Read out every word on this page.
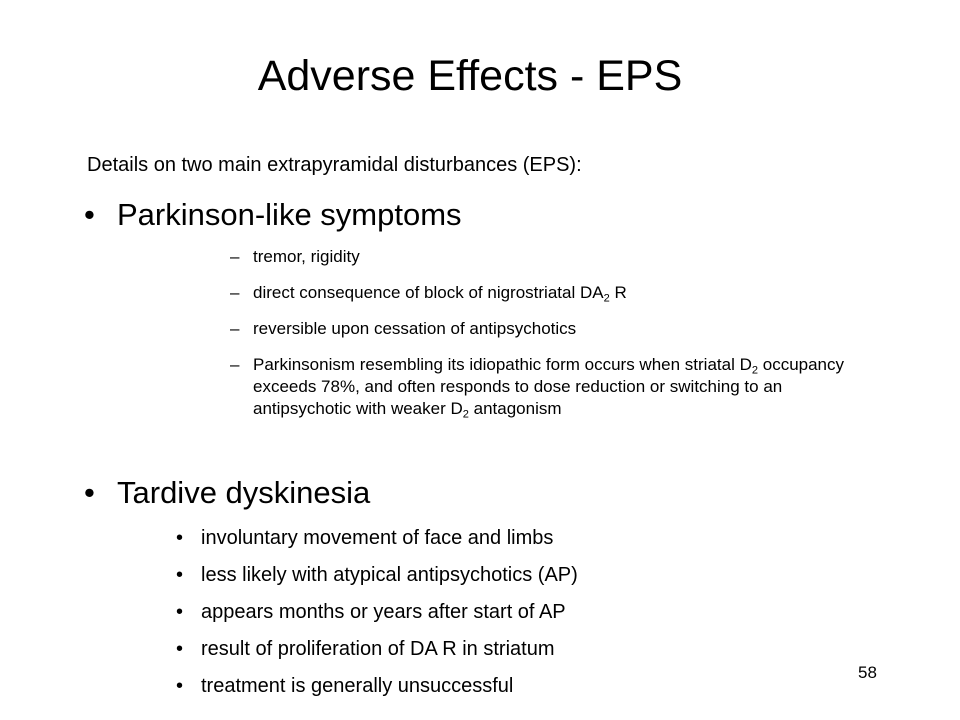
Adverse Effects - EPS
Details on two main extrapyramidal disturbances (EPS):
• Parkinson-like symptoms
– tremor, rigidity
– direct consequence of block of nigrostriatal $DA_2$ R
– reversible upon cessation of antipsychotics
– Parkinsonism resembling its idiopathic form occurs when striatal $D_2$ occupancy exceeds 78%, and often responds to dose reduction or switching to an antipsychotic with weaker $D_2$ antagonism
• Tardive dyskinesia
• involuntary movement of face and limbs
• less likely with atypical antipsychotics (AP)
• appears months or years after start of AP
• result of proliferation of DA R in striatum
• treatment is generally unsuccessful
58
